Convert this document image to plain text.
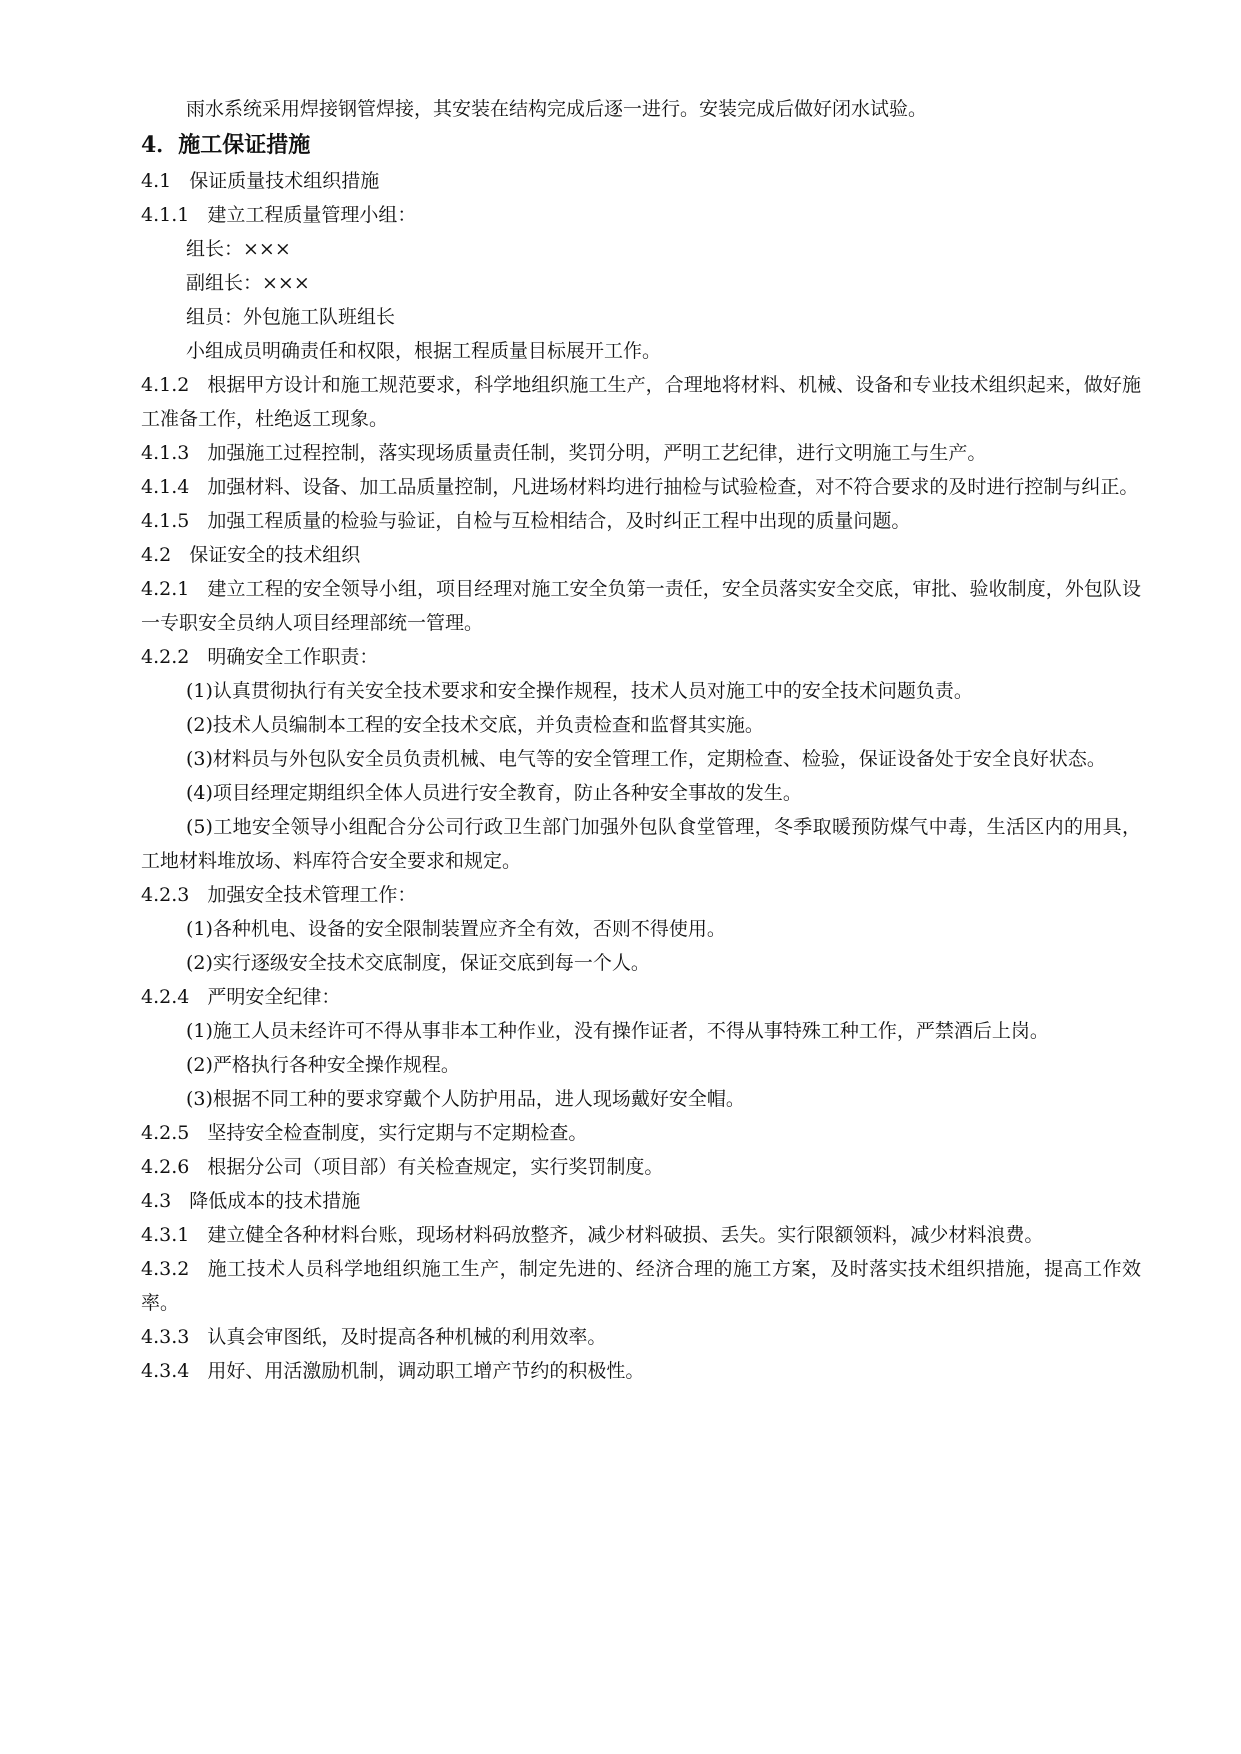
雨水系统采用焊接钢管焊接，其安装在结构完成后逐一进行。安装完成后做好闭水试验。
4．施工保证措施
4.1 保证质量技术组织措施
4.1.1 建立工程质量管理小组：
组长：×××
副组长：×××
组员：外包施工队班组长
小组成员明确责任和权限，根据工程质量目标展开工作。
4.1.2 根据甲方设计和施工规范要求，科学地组织施工生产，合理地将材料、机械、设备和专业技术组织起来，做好施工准备工作，杜绝返工现象。
4.1.3 加强施工过程控制，落实现场质量责任制，奖罚分明，严明工艺纪律，进行文明施工与生产。
4.1.4 加强材料、设备、加工品质量控制，凡进场材料均进行抽检与试验检查，对不符合要求的及时进行控制与纠正。
4.1.5 加强工程质量的检验与验证，自检与互检相结合，及时纠正工程中出现的质量问题。
4.2 保证安全的技术组织
4.2.1 建立工程的安全领导小组，项目经理对施工安全负第一责任，安全员落实安全交底，审批、验收制度，外包队设一专职安全员纳人项目经理部统一管理。
4.2.2 明确安全工作职责：
(1)认真贯彻执行有关安全技术要求和安全操作规程，技术人员对施工中的安全技术问题负责。
(2)技术人员编制本工程的安全技术交底，并负责检查和监督其实施。
(3)材料员与外包队安全员负责机械、电气等的安全管理工作，定期检查、检验，保证设备处于安全良好状态。
(4)项目经理定期组织全体人员进行安全教育，防止各种安全事故的发生。
(5)工地安全领导小组配合分公司行政卫生部门加强外包队食堂管理，冬季取暖预防煤气中毒，生活区内的用具，工地材料堆放场、料库符合安全要求和规定。
4.2.3 加强安全技术管理工作：
(1)各种机电、设备的安全限制装置应齐全有效，否则不得使用。
(2)实行逐级安全技术交底制度，保证交底到每一个人。
4.2.4 严明安全纪律：
(1)施工人员未经许可不得从事非本工种作业，没有操作证者，不得从事特殊工种工作，严禁酒后上岗。
(2)严格执行各种安全操作规程。
(3)根据不同工种的要求穿戴个人防护用品，进人现场戴好安全帽。
4.2.5 坚持安全检查制度，实行定期与不定期检查。
4.2.6 根据分公司（项目部）有关检查规定，实行奖罚制度。
4.3 降低成本的技术措施
4.3.1 建立健全各种材料台账，现场材料码放整齐，减少材料破损、丢失。实行限额领料，减少材料浪费。
4.3.2 施工技术人员科学地组织施工生产，制定先进的、经济合理的施工方案，及时落实技术组织措施，提高工作效率。
4.3.3 认真会审图纸，及时提高各种机械的利用效率。
4.3.4 用好、用活激励机制，调动职工增产节约的积极性。
